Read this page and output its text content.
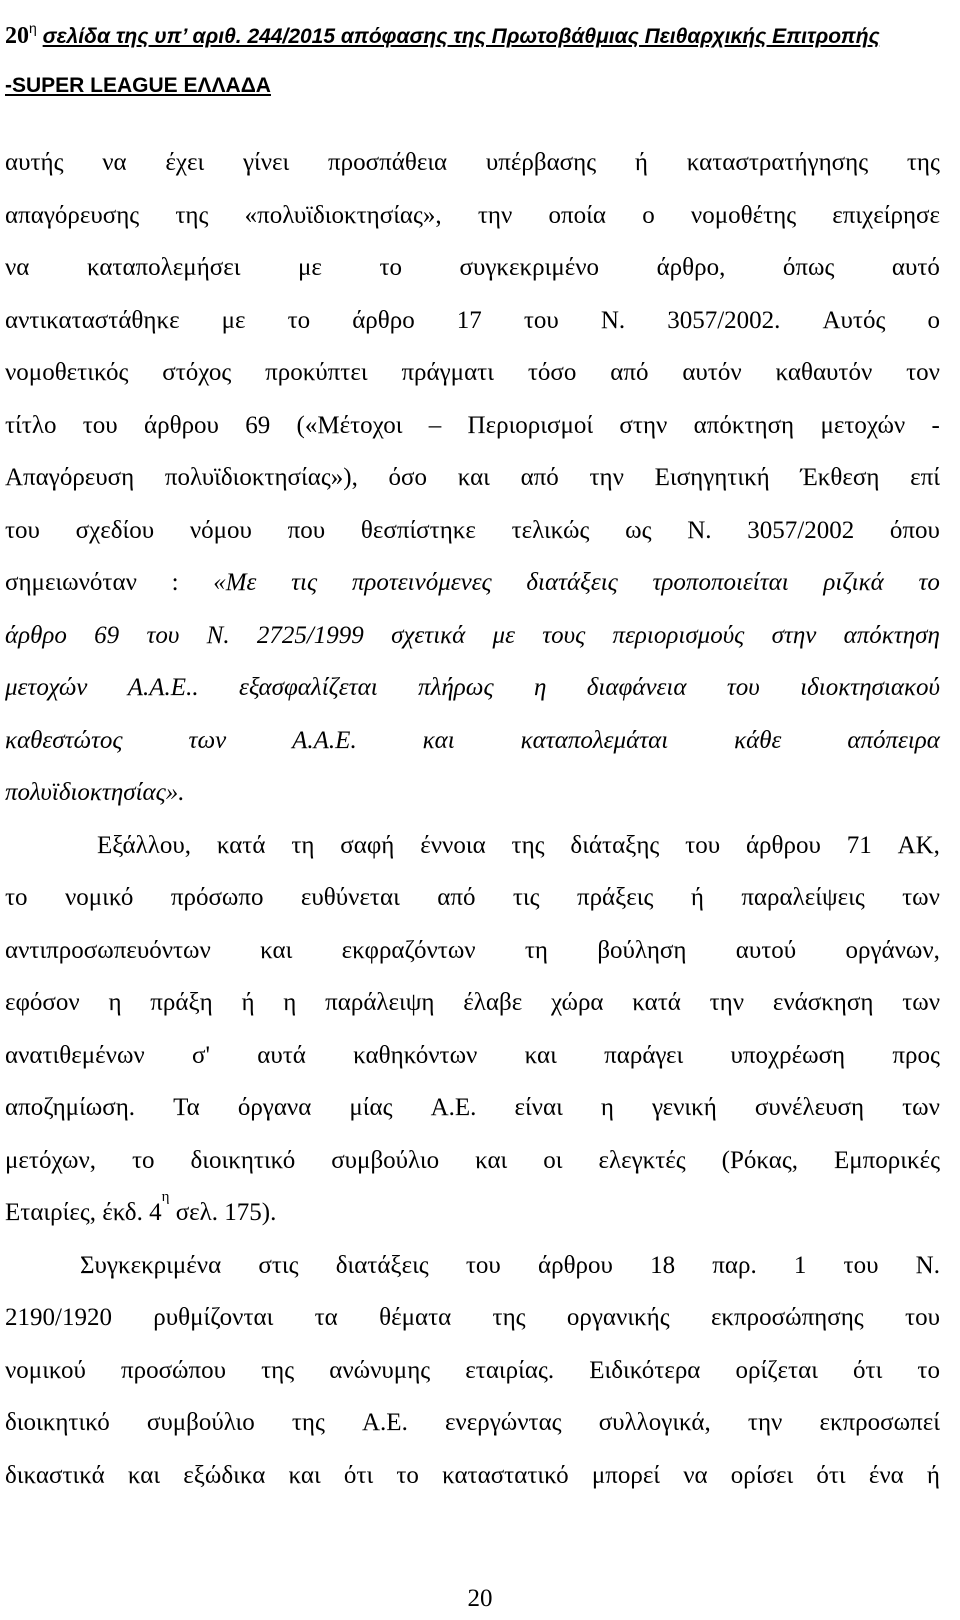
$20^\eta$ σελίδα της υπ’ αριθ. 244/2015 απόφασης της Πρωτοβάθμιας Πειθαρχικής Επιτροπής
-SUPER LEAGUE ΕΛΛΑΔΑ
αυτής να έχει γίνει προσπάθεια υπέρβασης ή καταστρατήγησης της
απαγόρευσης της «πολυϊδιοκτησίας», την οποία ο νομοθέτης επιχείρησε
να καταπολεμήσει με το συγκεκριμένο άρθρο, όπως αυτό
αντικαταστάθηκε με το άρθρο 17 του Ν. 3057/2002. Αυτός ο
νομοθετικός στόχος προκύπτει πράγματι τόσο από αυτόν καθαυτόν τον
τίτλο του άρθρου 69 («Μέτοχοι – Περιορισμοί στην απόκτηση μετοχών -
Απαγόρευση πολυϊδιοκτησίας»), όσο και από την Εισηγητική Έκθεση επί
του σχεδίου νόμου που θεσπίστηκε τελικώς ως Ν. 3057/2002 όπου
σημειωνόταν : «Με τις προτεινόμενες διατάξεις τροποποιείται ριζικά το
άρθρο 69 του Ν. 2725/1999 σχετικά με τους περιορισμούς στην απόκτηση
μετοχών Α.Α.Ε.. εξασφαλίζεται πλήρως η διαφάνεια του ιδιοκτησιακού
καθεστώτος	των	Α.Α.Ε.	και	καταπολεμάται	κάθε	απόπειρα
πολυϊδιοκτησίας».
Εξάλλου, κατά τη σαφή έννοια της διάταξης του άρθρου 71 ΑΚ,
το νομικό πρόσωπο ευθύνεται από τις πράξεις ή παραλείψεις των
αντιπροσωπευόντων και εκφραζόντων τη βούληση αυτού οργάνων,
εφόσον η πράξη ή η παράλειψη έλαβε χώρα κατά την ενάσκηση των
ανατιθεμένων σ' αυτά καθηκόντων και παράγει υποχρέωση προς
αποζημίωση. Τα όργανα μίας Α.Ε. είναι η γενική συνέλευση των
μετόχων, το διοικητικό συμβούλιο και οι ελεγκτές (Ρόκας, Εμπορικές
Εταιρίες, έκδ. 4
η
σελ. 175).
Συγκεκριμένα στις διατάξεις του άρθρου 18 παρ. 1 του Ν.
2190/1920 ρυθμίζονται τα θέματα της οργανικής εκπροσώπησης του
νομικού προσώπου της ανώνυμης εταιρίας. Ειδικότερα ορίζεται ότι το
διοικητικό συμβούλιο της Α.Ε. ενεργώντας συλλογικά, την εκπροσωπεί
δικαστικά και εξώδικα και ότι το καταστατικό μπορεί να ορίσει ότι ένα ή
20
